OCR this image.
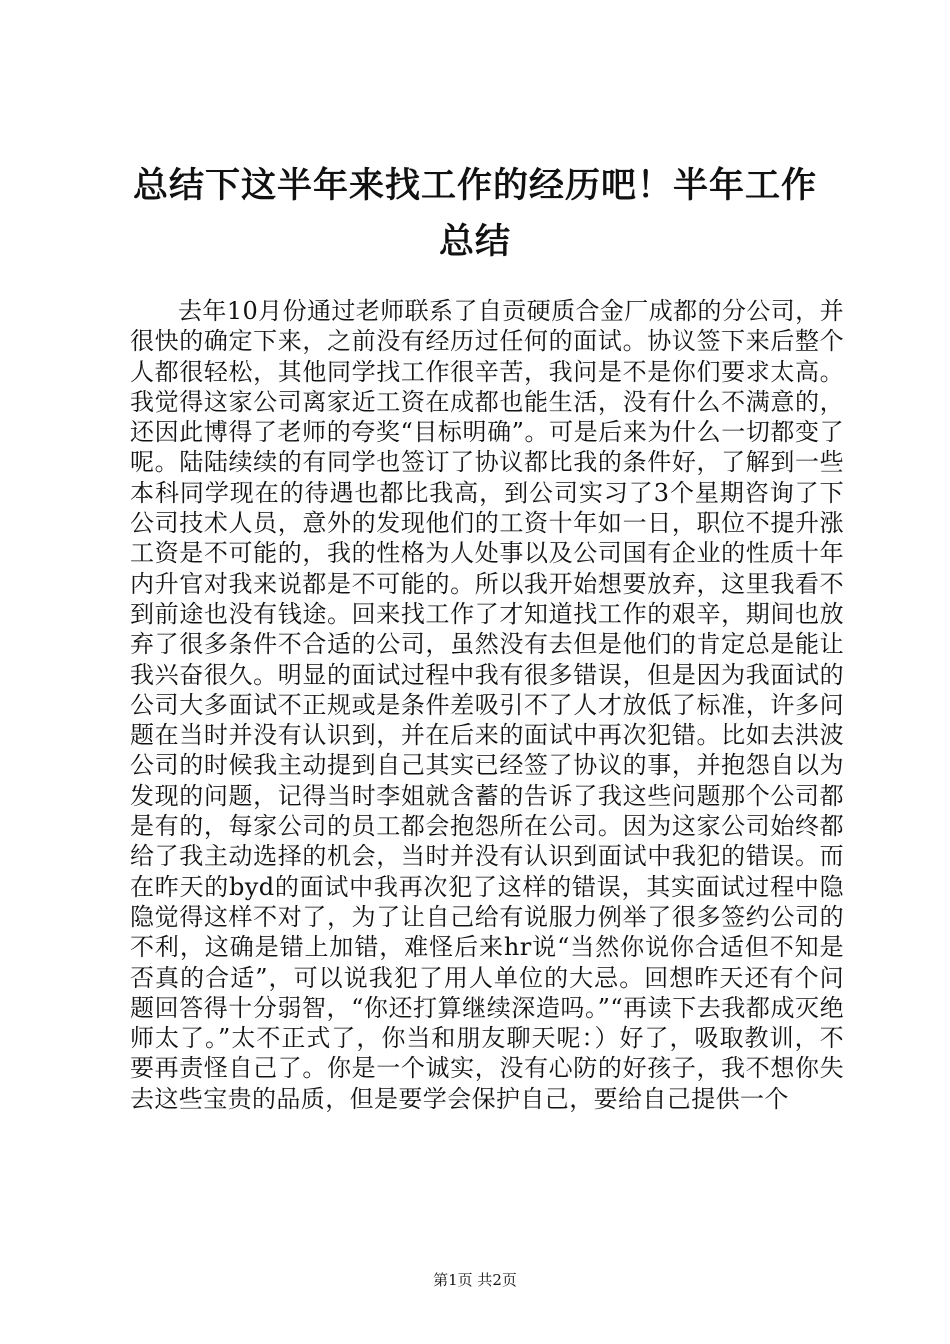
总结下这半年来找工作的经历吧！半年工作总结

去年10月份通过老师联系了自贡硬质合金厂成都的分公司，并很快的确定下来，之前没有经历过任何的面试。协议签下来后整个人都很轻松，其他同学找工作很辛苦，我问是不是你们要求太高。我觉得这家公司离家近工资在成都也能生活，没有什么不满意的，还因此博得了老师的夸奖“目标明确”。可是后来为什么一切都变了呢。陆陆续续的有同学也签订了协议都比我的条件好，了解到一些本科同学现在的待遇也都比我高，到公司实习了3个星期咨询了下公司技术人员，意外的发现他们的工资十年如一日，职位不提升涨工资是不可能的，我的性格为人处事以及公司国有企业的性质十年内升官对我来说都是不可能的。所以我开始想要放弃，这里我看不到前途也没有钱途。回来找工作了才知道找工作的艰辛，期间也放弃了很多条件不合适的公司，虽然没有去但是他们的肯定总是能让我兴奋很久。明显的面试过程中我有很多错误，但是因为我面试的公司大多面试不正规或是条件差吸引不了人才放低了标准，许多问题在当时并没有认识到，并在后来的面试中再次犯错。比如去洪波公司的时候我主动提到自己其实已经签了协议的事，并抱怨自以为发现的问题，记得当时李姐就含蓄的告诉了我这些问题那个公司都是有的，每家公司的员工都会抱怨所在公司。因为这家公司始终都给了我主动选择的机会，当时并没有认识到面试中我犯的错误。而在昨天的byd的面试中我再次犯了这样的错误，其实面试过程中隐隐觉得这样不对了，为了让自己给有说服力例举了很多签约公司的不利，这确是错上加错，难怪后来hr说“当然你说你合适但不知是否真的合适”，可以说我犯了用人单位的大忌。回想昨天还有个问题回答得十分弱智，“你还打算继续深造吗。”“再读下去我都成灭绝师太了。”太不正式了，你当和朋友聊天呢：）好了，吸取教训，不要再责怪自己了。你是一个诚实，没有心防的好孩子，我不想你失去这些宝贵的品质，但是要学会保护自己，要给自己提供一个

第1页 共2页
